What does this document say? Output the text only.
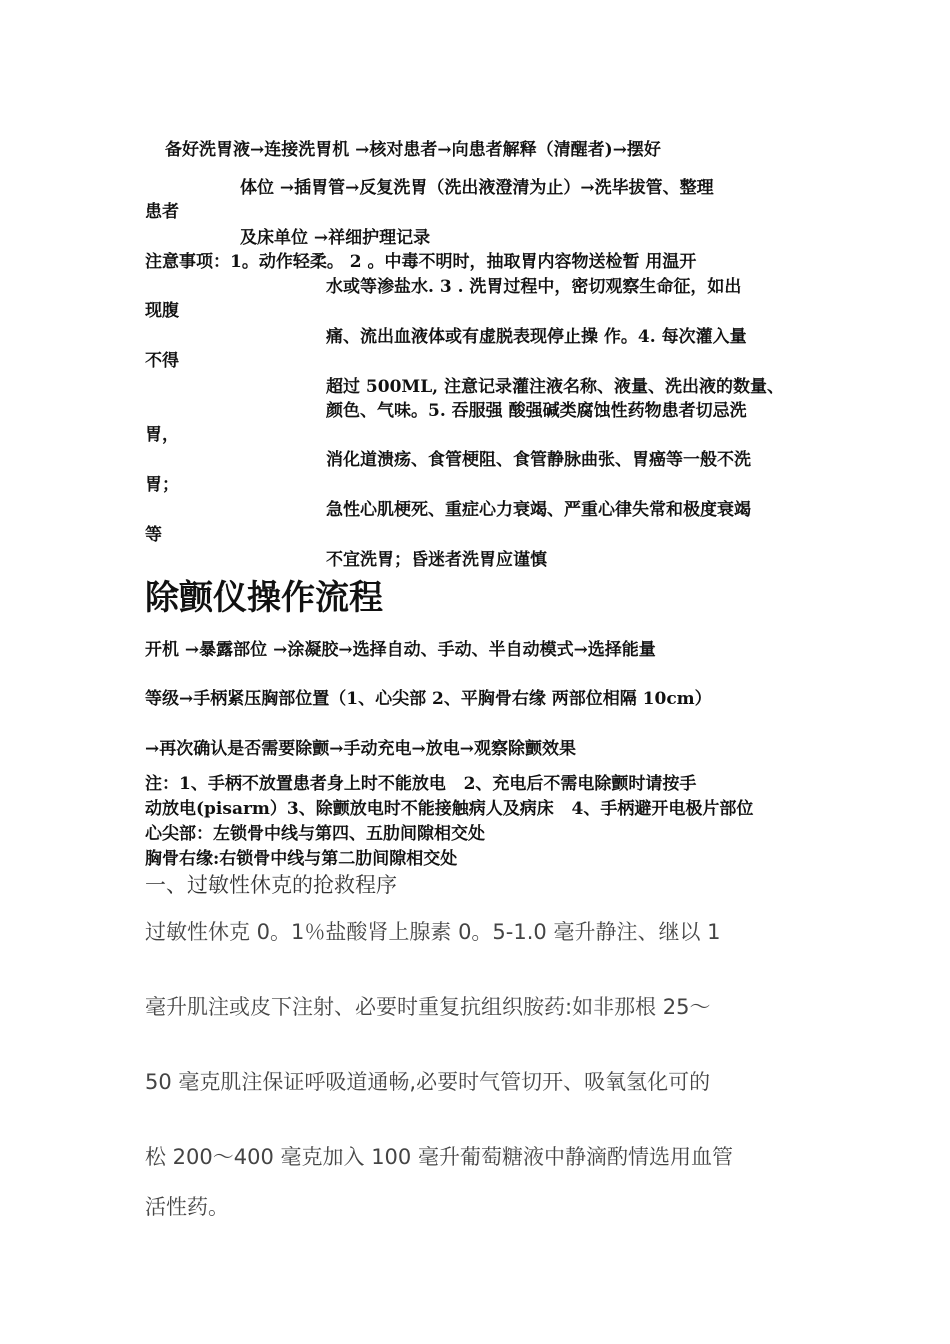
备好洗胃液→连接洗胃机 →核对患者→向患者解释（清醒者)→摆好
体位 →插胃管→反复洗胃（洗出液澄清为止）→洗毕拔管、整理
患者
及床单位 →祥细护理记录
注意事项：1。动作轻柔。 2 。中毒不明时，抽取胃内容物送检暂 用温开
水或等渗盐水. 3 . 洗胃过程中，密切观察生命征，如出
现腹
痛、流出血液体或有虚脱表现停止操 作。4. 每次灌入量
不得
超过 500ML, 注意记录灌注液名称、液量、洗出液的数量、
颜色、气味。5. 吞服强 酸强碱类腐蚀性药物患者切忌洗
胃，
消化道溃疡、食管梗阻、食管静脉曲张、胃癌等一般不洗
胃；
急性心肌梗死、重症心力衰竭、严重心律失常和极度衰竭
等
不宜洗胃；昏迷者洗胃应谨慎
除颤仪操作流程
开机 →暴露部位 →涂凝胶→选择自动、手动、半自动模式→选择能量
等级→手柄紧压胸部位置（1、心尖部 2、平胸骨右缘 两部位相隔 10cm）
→再次确认是否需要除颤→手动充电→放电→观察除颤效果
注：1、手柄不放置患者身上时不能放电   2、充电后不需电除颤时请按手
动放电(pisarm）3、除颤放电时不能接触病人及病床   4、手柄避开电极片部位
心尖部：左锁骨中线与第四、五肋间隙相交处
胸骨右缘:右锁骨中线与第二肋间隙相交处
一、过敏性休克的抢救程序
过敏性休克 0。1％盐酸肾上腺素 0。5-1.0 毫升静注、继以 1
毫升肌注或皮下注射、必要时重复抗组织胺药:如非那根 25～
50 毫克肌注保证呼吸道通畅,必要时气管切开、吸氧氢化可的
松 200～400 毫克加入 100 毫升葡萄糖液中静滴酌情选用血管
活性药。
